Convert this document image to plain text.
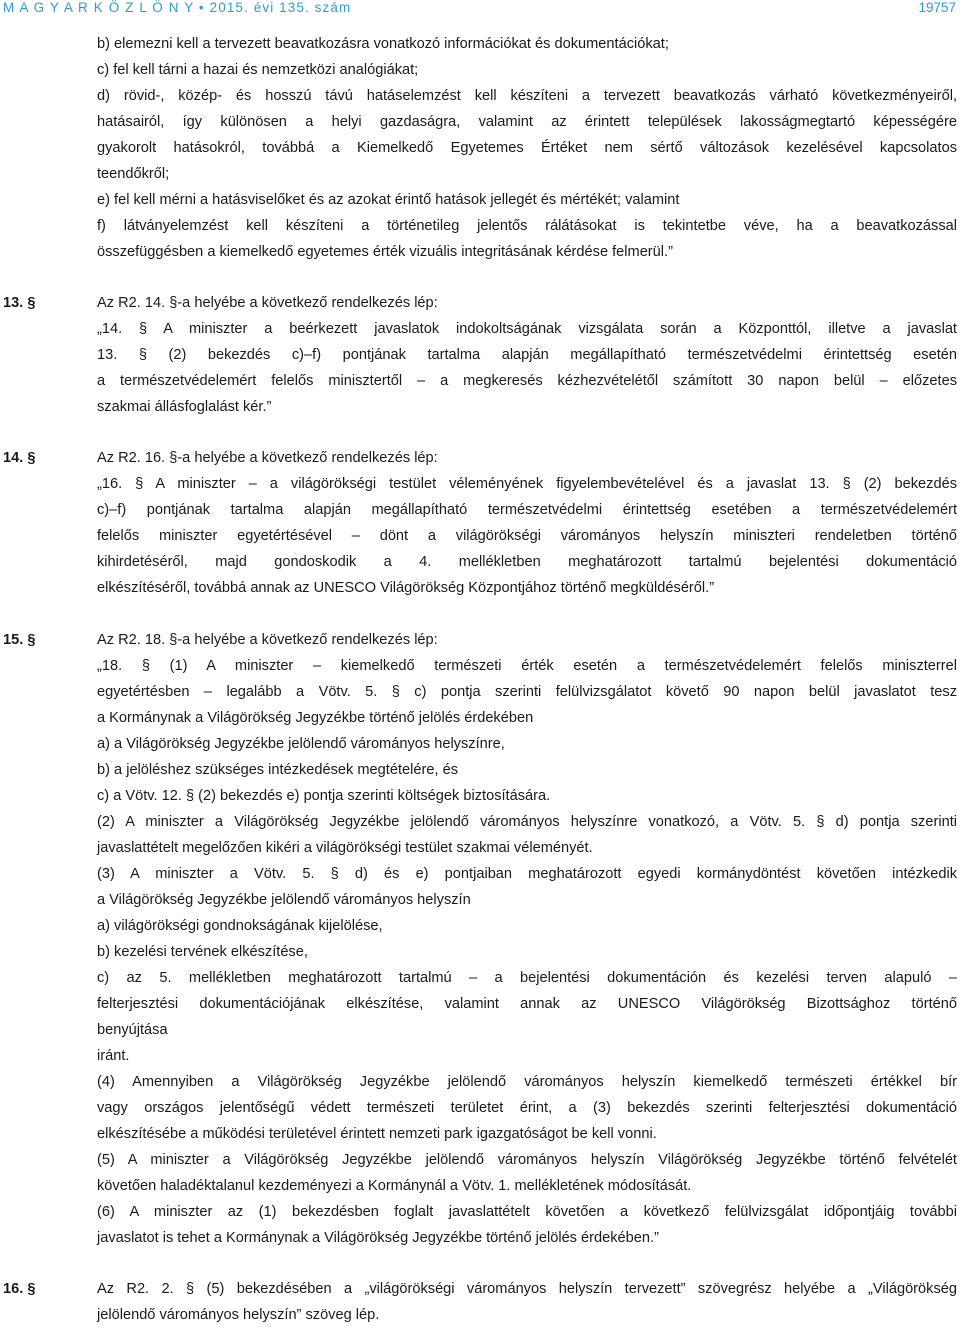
M A G Y A R K Ö Z L Ö N Y • 2015. évi 135. szám	19757
b) elemezni kell a tervezett beavatkozásra vonatkozó információkat és dokumentációkat;
c) fel kell tárni a hazai és nemzetközi analógiákat;
d) rövid-, közép- és hosszú távú hatáselemzést kell készíteni a tervezett beavatkozás várható következményeiről,
hatásairól, így különösen a helyi gazdaságra, valamint az érintett települések lakosságmegtartó képességére
gyakorolt hatásokról, továbbá a Kiemelkedő Egyetemes Értéket nem sértő változások kezelésével kapcsolatos
teendőkről;
e) fel kell mérni a hatásviselőket és az azokat érintő hatások jellegét és mértékét; valamint
f) látványelemzést kell készíteni a történetileg jelentős rálátásokat is tekintetbe véve, ha a beavatkozással
összefüggésben a kiemelkedő egyetemes érték vizuális integritásának kérdése felmerül.”
13. §	Az R2. 14. §-a helyébe a következő rendelkezés lép:
„14. § A miniszter a beérkezett javaslatok indokoltságának vizsgálata során a Központtól, illetve a javaslat
13. § (2) bekezdés c)–f) pontjának tartalma alapján megállapítható természetvédelmi érintettség esetén
a természetvédelemért felelős minisztertől – a megkeresés kézhezvételétől számított 30 napon belül – előzetes
szakmai állásfoglalást kér.”
14. §	Az R2. 16. §-a helyébe a következő rendelkezés lép:
„16. § A miniszter – a világörökségi testület véleményének figyelembevételével és a javaslat 13. § (2) bekezdés
c)–f) pontjának tartalma alapján megállapítható természetvédelmi érintettség esetében a természetvédelemért
felelős miniszter egyetértésével – dönt a világörökségi várományos helyszín miniszteri rendeletben történő
kihirdetéséről, majd gondoskodik a 4. mellékletben meghatározott tartalmú bejelentési dokumentáció
elkészítéséről, továbbá annak az UNESCO Világörökség Központjához történő megküldéséről.”
15. §	Az R2. 18. §-a helyébe a következő rendelkezés lép:
„18. § (1) A miniszter – kiemelkedő természeti érték esetén a természetvédelemért felelős miniszterrel
egyetértésben – legalább a Vötv. 5. § c) pontja szerinti felülvizsgálatot követő 90 napon belül javaslatot tesz
a Kormánynak a Világörökség Jegyzékbe történő jelölés érdekében
a) a Világörökség Jegyzékbe jelölendő várományos helyszínre,
b) a jelöléshez szükséges intézkedések megtételére, és
c) a Vötv. 12. § (2) bekezdés e) pontja szerinti költségek biztosítására.
(2) A miniszter a Világörökség Jegyzékbe jelölendő várományos helyszínre vonatkozó, a Vötv. 5. § d) pontja szerinti
javaslattételt megelőzően kikéri a világörökségi testület szakmai véleményét.
(3) A miniszter a Vötv. 5. § d) és e) pontjaiban meghatározott egyedi kormánydöntést követően intézkedik
a Világörökség Jegyzékbe jelölendő várományos helyszín
a) világörökségi gondnokságának kijelölése,
b) kezelési tervének elkészítése,
c) az 5. mellékletben meghatározott tartalmú – a bejelentési dokumentáción és kezelési terven alapuló –
felterjesztési dokumentációjának elkészítése, valamint annak az UNESCO Világörökség Bizottsághoz történő
benyújtása
iránt.
(4) Amennyiben a Világörökség Jegyzékbe jelölendő várományos helyszín kiemelkedő természeti értékkel bír
vagy országos jelentőségű védett természeti területet érint, a (3) bekezdés szerinti felterjesztési dokumentáció
elkészítésébe a működési területével érintett nemzeti park igazgatóságot be kell vonni.
(5) A miniszter a Világörökség Jegyzékbe jelölendő várományos helyszín Világörökség Jegyzékbe történő felvételét
követően haladéktalanul kezdeményezi a Kormánynál a Vötv. 1. mellékletének módosítását.
(6) A miniszter az (1) bekezdésben foglalt javaslattételt követően a következő felülvizsgálat időpontjáig további
javaslatot is tehet a Kormánynak a Világörökség Jegyzékbe történő jelölés érdekében.”
16. §	Az R2. 2. § (5) bekezdésében a „világörökségi várományos helyszín tervezett” szövegrész helyébe a „Világörökség
jelölendő várományos helyszín” szöveg lép.
